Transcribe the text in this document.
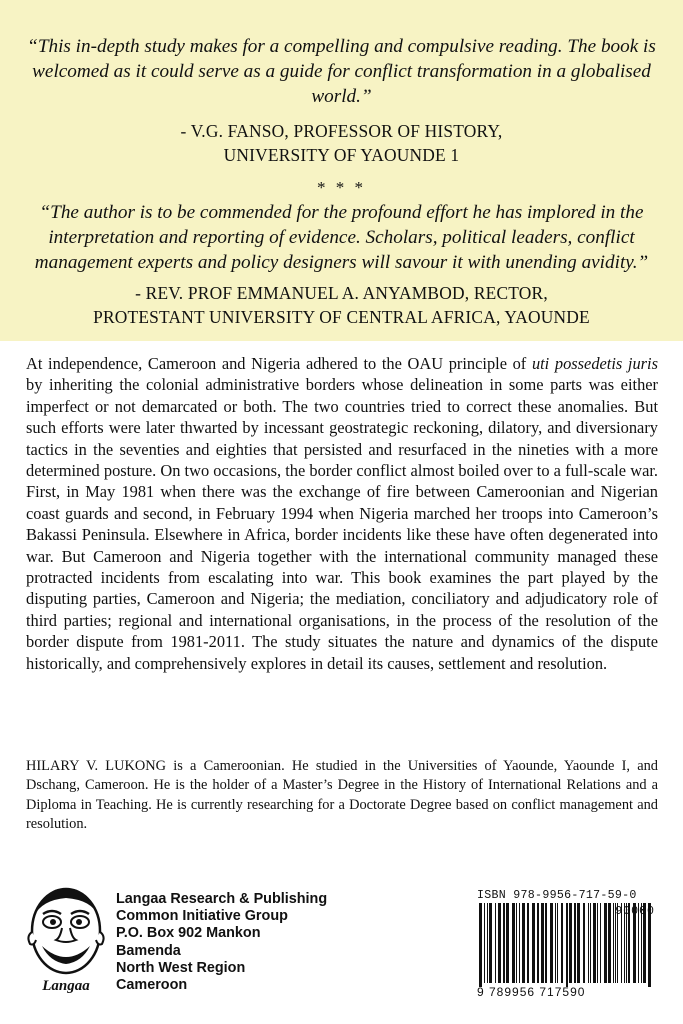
“This in-depth study makes for a compelling and compulsive reading. The book is welcomed as it could serve as a guide for conflict transformation in a globalised world.”

- V.G. FANSO, PROFESSOR OF HISTORY,

UNIVERSITY OF YAOUNDE 1

* * *

“The author is to be commended for the profound effort he has implored in the interpretation and reporting of evidence. Scholars, political leaders, conflict management experts and policy designers will savour it with unending avidity.”

- REV. PROF EMMANUEL A. ANYAMBOD, RECTOR,

PROTESTANT UNIVERSITY OF CENTRAL AFRICA, YAOUNDE

At independence, Cameroon and Nigeria adhered to the OAU principle of uti possedetis juris by inheriting the colonial administrative borders whose delineation in some parts was either imperfect or not demarcated or both. The two countries tried to correct these anomalies. But such efforts were later thwarted by incessant geostrategic reckoning, dilatory, and diversionary tactics in the seventies and eighties that persisted and resurfaced in the nineties with a more determined posture. On two occasions, the border conflict almost boiled over to a full-scale war. First, in May 1981 when there was the exchange of fire between Cameroonian and Nigerian coast guards and second, in February 1994 when Nigeria marched her troops into Cameroon’s Bakassi Peninsula. Elsewhere in Africa, border incidents like these have often degenerated into war. But Cameroon and Nigeria together with the international community managed these protracted incidents from escalating into war. This book examines the part played by the disputing parties, Cameroon and Nigeria; the mediation, conciliatory and adjudicatory role of third parties; regional and international organisations, in the process of the resolution of the border dispute from 1981-2011. The study situates the nature and dynamics of the dispute historically, and comprehensively explores in detail its causes, settlement and resolution.

HILARY V. LUKONG is a Cameroonian. He studied in the Universities of Yaounde, Yaounde I, and Dschang, Cameroon. He is the holder of a Master’s Degree in the History of International Relations and a Diploma in Teaching. He is currently researching for a Doctorate Degree based on conflict management and resolution.

Langaa
Langaa Research & Publishing
Common Initiative Group
P.O. Box 902 Mankon
Bamenda
North West Region
Cameroon
ISBN 978-9956-717-59-0
90000
9 789956 717590
